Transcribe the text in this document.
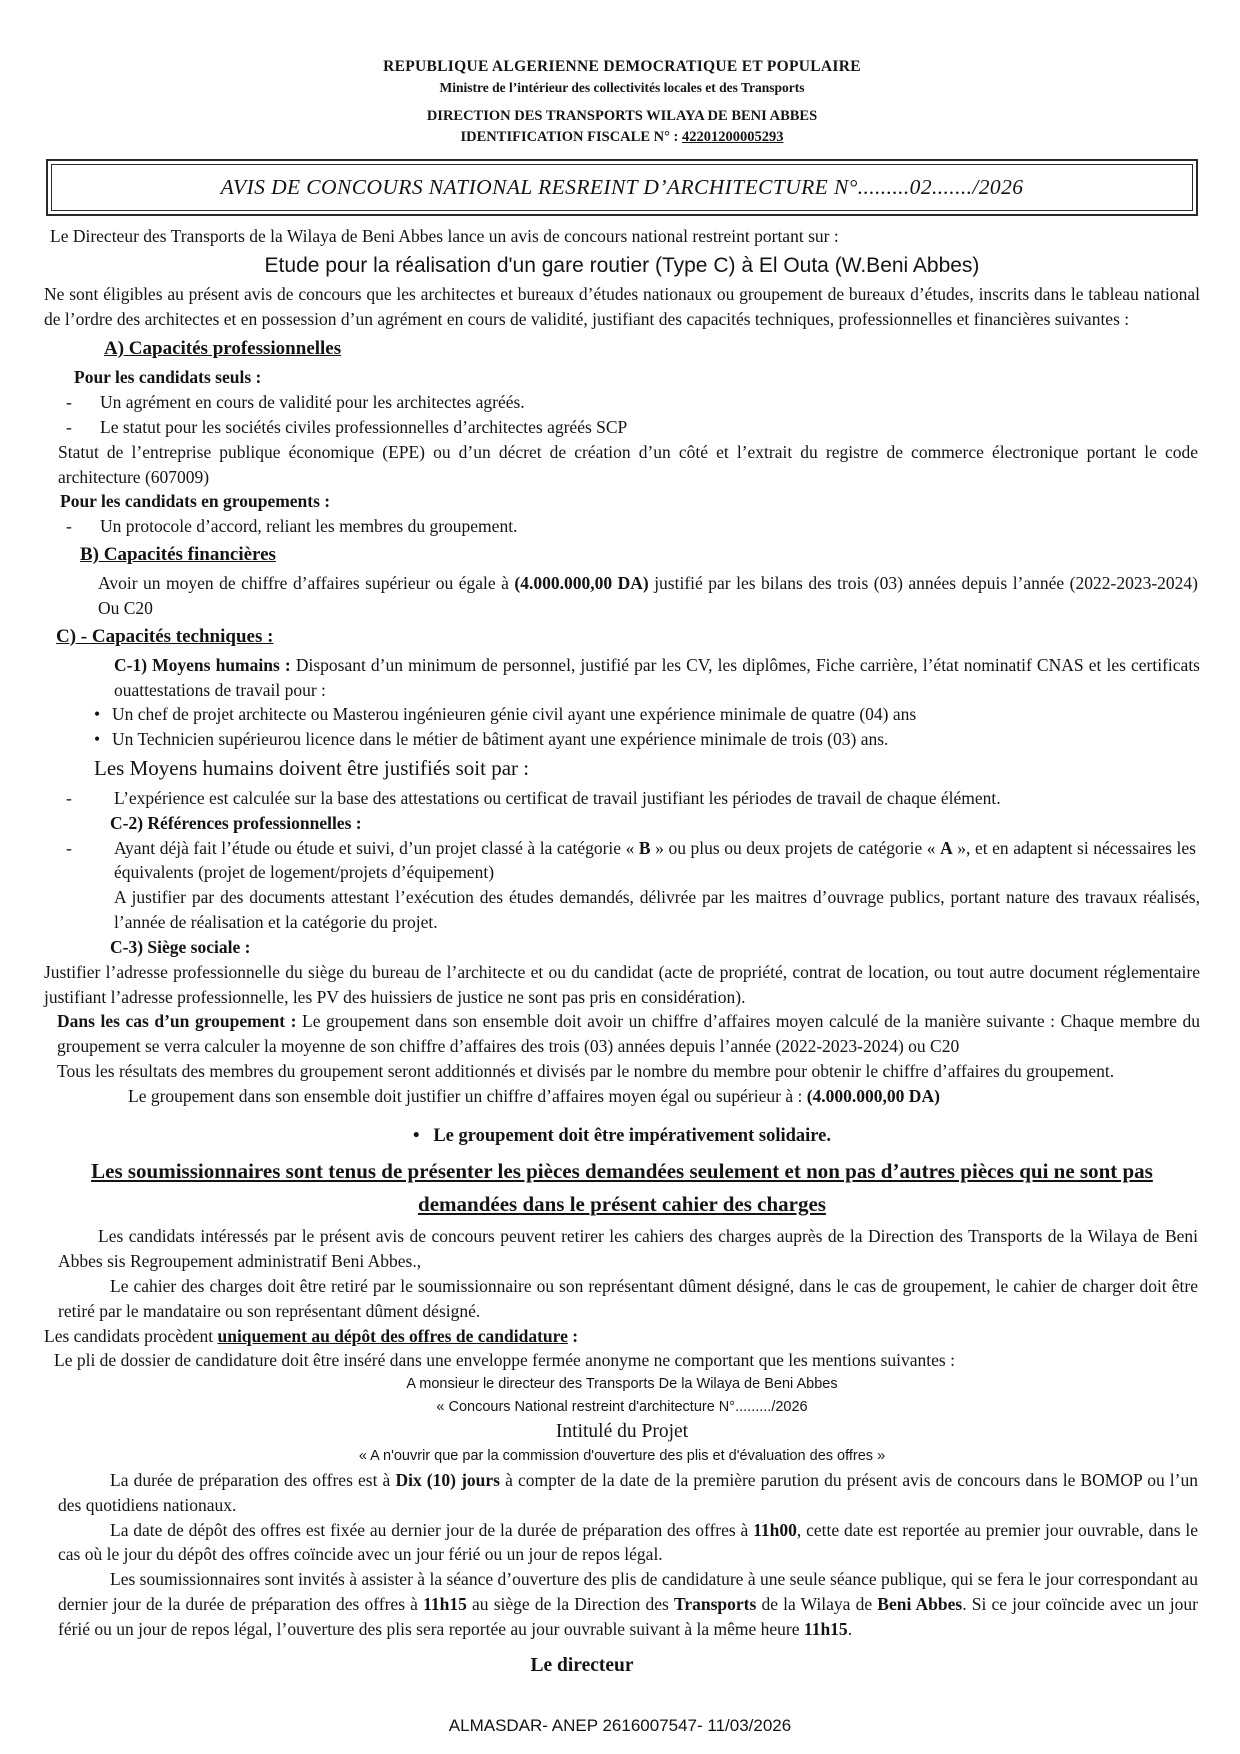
REPUBLIQUE ALGERIENNE DEMOCRATIQUE ET POPULAIRE
Ministre de l’intérieur des collectivités locales et des Transports
DIRECTION DES TRANSPORTS WILAYA DE BENI ABBES
IDENTIFICATION FISCALE N° : 42201200005293
AVIS DE CONCOURS NATIONAL RESREINT D’ARCHITECTURE N°.........02......./2026
Le Directeur des Transports de la Wilaya de Beni Abbes lance un avis de concours national restreint portant sur :
Etude pour la réalisation d'un gare routier (Type C) à El Outa (W.Beni Abbes)
Ne sont éligibles au présent avis de concours que les architectes et bureaux d’études nationaux ou groupement de bureaux d’études, inscrits dans le tableau national de l’ordre des architectes et en possession d’un agrément en cours de validité, justifiant des capacités techniques, professionnelles et financières suivantes :
A) Capacités professionnelles
Pour les candidats seuls :
-	Un agrément en cours de validité pour les architectes agréés.
-	Le statut pour les sociétés civiles professionnelles d’architectes agréés SCP
Statut de l’entreprise publique économique (EPE) ou d’un décret de création d’un côté et l’extrait du registre de commerce électronique portant le code architecture (607009)
Pour les candidats en groupements :
-	Un protocole d’accord, reliant les membres du groupement.
B) Capacités financières
Avoir un moyen de chiffre d’affaires supérieur ou égale à (4.000.000,00 DA) justifié par les bilans des trois (03) années depuis l’année (2022-2023-2024) Ou C20
C) - Capacités techniques :
C-1) Moyens humains : Disposant d’un minimum de personnel, justifié par les CV, les diplômes, Fiche carrière, l’état nominatif CNAS et les certificats ouattestations de travail pour :
• Un chef de projet architecte ou Masterou ingénieuren génie civil ayant une expérience minimale de quatre (04) ans
• Un Technicien supérieurou licence dans le métier de bâtiment ayant une expérience minimale de trois (03) ans.
Les Moyens humains doivent être justifiés soit par :
-	L’expérience est calculée sur la base des attestations ou certificat de travail justifiant les périodes de travail de chaque élément.
C-2) Références professionnelles :
-	Ayant déjà fait l’étude ou étude et suivi, d’un projet classé à la catégorie « B » ou plus ou deux projets de catégorie « A », et en adaptent si nécessaires les équivalents (projet de logement/projets d’équipement)
A justifier par des documents attestant l’exécution des études demandés, délivrée par les maitres d’ouvrage publics, portant nature des travaux réalisés, l’année de réalisation et la catégorie du projet.
C-3) Siège sociale :
Justifier l’adresse professionnelle du siège du bureau de l’architecte et ou du candidat (acte de propriété, contrat de location, ou tout autre document réglementaire justifiant l’adresse professionnelle, les PV des huissiers de justice ne sont pas pris en considération).
Dans les cas d’un groupement : Le groupement dans son ensemble doit avoir un chiffre d’affaires moyen calculé de la manière suivante : Chaque membre du groupement se verra calculer la moyenne de son chiffre d’affaires des trois (03) années depuis l’année (2022-2023-2024) ou C20
Tous les résultats des membres du groupement seront additionnés et divisés par le nombre du membre pour obtenir le chiffre d’affaires du groupement.
Le groupement dans son ensemble doit justifier un chiffre d’affaires moyen égal ou supérieur à : (4.000.000,00 DA)
• Le groupement doit être impérativement solidaire.
Les soumissionnaires sont tenus de présenter les pièces demandées seulement et non pas d’autres pièces qui ne sont pas demandées dans le présent cahier des charges
Les candidats intéressés par le présent avis de concours peuvent retirer les cahiers des charges auprès de la Direction des Transports de la Wilaya de Beni Abbes sis Regroupement administratif Beni Abbes.,
Le cahier des charges doit être retiré par le soumissionnaire ou son représentant dûment désigné, dans le cas de groupement, le cahier de charger doit être retiré par le mandataire ou son représentant dûment désigné.
Les candidats procèdent uniquement au dépôt des offres de candidature :
Le pli de dossier de candidature doit être inséré dans une enveloppe fermée anonyme ne comportant que les mentions suivantes :
A monsieur le directeur des Transports De la Wilaya de Beni Abbes
« Concours National restreint d'architecture N°........./2026
Intitulé du Projet
« A n'ouvrir que par la commission d'ouverture des plis et d'évaluation des offres »
La durée de préparation des offres est à Dix (10) jours à compter de la date de la première parution du présent avis de concours dans le BOMOP ou l’un des quotidiens nationaux.
La date de dépôt des offres est fixée au dernier jour de la durée de préparation des offres à 11h00, cette date est reportée au premier jour ouvrable, dans le cas où le jour du dépôt des offres coïncide avec un jour férié ou un jour de repos légal.
Les soumissionnaires sont invités à assister à la séance d’ouverture des plis de candidature à une seule séance publique, qui se fera le jour correspondant au dernier jour de la durée de préparation des offres à 11h15 au siège de la Direction des Transports de la Wilaya de Beni Abbes. Si ce jour coïncide avec un jour férié ou un jour de repos légal, l’ouverture des plis sera reportée au jour ouvrable suivant à la même heure 11h15.
Le directeur
ALMASDAR- ANEP 2616007547- 11/03/2026
